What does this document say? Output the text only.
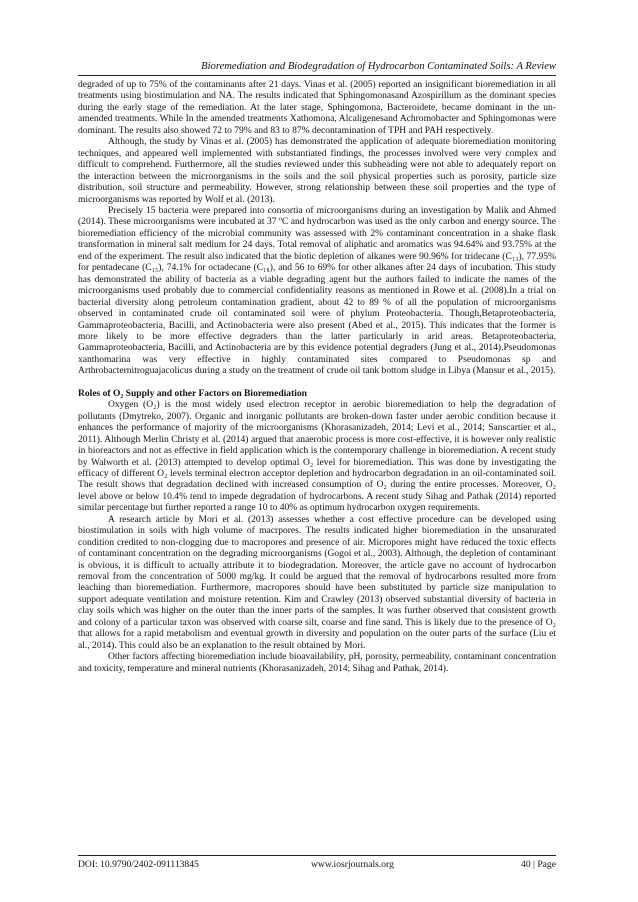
Bioremediation and Biodegradation of Hydrocarbon Contaminated Soils: A Review

degraded of up to 75% of the contaminants after 21 days. Vinas et al. (2005) reported an insignificant bioremediation in all treatments using biostimulation and NA. The results indicated that Sphingomonasand Azospirillum as the dominant species during the early stage of the remediation. At the later stage, Sphingomona, Bacteroidete, became dominant in the un-amended treatments. While In the amended treatments Xathomona, Alcaligenesand Achromobacter and Sphingomonas were dominant. The results also showed 72 to 79% and 83 to 87% decontamination of TPH and PAH respectively.

Although, the study by Vinas et al. (2005) has demonstrated the application of adequate bioremediation monitoring techniques, and appeared well implemented with substantiated findings, the processes involved were very complex and difficult to comprehend. Furthermore, all the studies reviewed under this subheading were not able to adequately report on the interaction between the microorganisms in the soils and the soil physical properties such as porosity, particle size distribution, soil structure and permeability. However, strong relationship between these soil properties and the type of microorganisms was reported by Wolf et al. (2013).

Precisely 15 bacteria were prepared into consortia of microorganisms during an investigation by Malik and Ahmed (2014). These microorganisms were incubated at 37 ºC and hydrocarbon was used as the only carbon and energy source. The bioremediation efficiency of the microbial community was assessed with 2% contaminant concentration in a shake flask transformation in mineral salt medium for 24 days. Total removal of aliphatic and aromatics was 94.64% and 93.75% at the end of the experiment. The result also indicated that the biotic depletion of alkanes were 90.96% for tridecane (C₁₃), 77.95% for pentadecane (C₁₅), 74.1% for octadecane (C₁₈), and 56 to 69% for other alkanes after 24 days of incubation. This study has demonstrated the ability of bacteria as a viable degrading agent but the authors failed to indicate the names of the microorganisms used probably due to commercial confidentiality reasons as mentioned in Rowe et al. (2008).In a trial on bacterial diversity along petroleum contamination gradient, about 42 to 89 % of all the population of microorganisms observed in contaminated crude oil contaminated soil were of phylum Proteobacteria. Though,Betaproteobacteria, Gammaproteobacteria, Bacilli, and Actinobacteria were also present (Abed et al., 2015). This indicates that the former is more likely to be more effective degraders than the latter particularly in arid areas. Betaproteobacteria, Gammaproteobacteria, Bacilli, and Actinobacteria are by this evidence potential degraders (Jung et al., 2014).Pseudomonas xanthomarina was very effective in highly contaminated sites compared to Pseudomonas sp and Arthrobacternitroguajacolicus during a study on the treatment of crude oil tank bottom sludge in Libya (Mansur et al., 2015).

Roles of O₂ Supply and other Factors on Bioremediation

Oxygen (O₂) is the most widely used electron receptor in aerobic bioremediation to help the degradation of pollutants (Dmytreko, 2007). Organic and inorganic pollutants are broken-down faster under aerobic condition because it enhances the performance of majority of the microorganisms (Khorasanizadeh, 2014; Levi et al., 2014; Sanscartier et al., 2011). Although Merlin Christy et al. (2014) argued that anaerobic process is more cost-effective, it is however only realistic in bioreactors and not as effective in field application which is the contemporary challenge in bioremediation. A recent study by Walworth et al. (2013) attempted to develop optimal O₂ level for bioremediation. This was done by investigating the efficacy of different O₂ levels terminal electron acceptor depletion and hydrocarbon degradation in an oil-contaminated soil. The result shows that degradation declined with increased consumption of O₂ during the entire processes. Moreover, O₂ level above or below 10.4% tend to impede degradation of hydrocarbons. A recent study Sihag and Pathak (2014) reported similar percentage but further reported a range 10 to 40% as optimum hydrocarbon oxygen requirements.

A research article by Mori et al. (2013) assesses whether a cost effective procedure can be developed using biostimulation in soils with high volume of macrpores. The results indicated higher bioremediation in the unsaturated condition credited to non-clogging due to macropores and presence of air. Micropores might have reduced the toxic effects of contaminant concentration on the degrading microorganisms (Gogoi et al., 2003). Although, the depletion of contaminant is obvious, it is difficult to actually attribute it to biodegradation. Moreover, the article gave no account of hydrocarbon removal from the concentration of 5000 mg/kg. It could be argued that the removal of hydrocarbons resulted more from leaching than bioremediation. Furthermore, macropores should have been substituted by particle size manipulation to support adequate ventilation and moisture retention. Kim and Crawley (2013) observed substantial diversity of bacteria in clay soils which was higher on the outer than the inner parts of the samples. It was further observed that consistent growth and colony of a particular taxon was observed with coarse silt, coarse and fine sand. This is likely due to the presence of O₂ that allows for a rapid metabolism and eventual growth in diversity and population on the outer parts of the surface (Liu et al., 2014). This could also be an explanation to the result obtained by Mori.

Other factors affecting bioremediation include bioavailability, pH, porosity, permeability, contaminant concentration and toxicity, temperature and mineral nutrients (Khorasanizadeh, 2014; Sihag and Pathak, 2014).

DOI: 10.9790/2402-091113845	www.iosrjournals.org	40 | Page
